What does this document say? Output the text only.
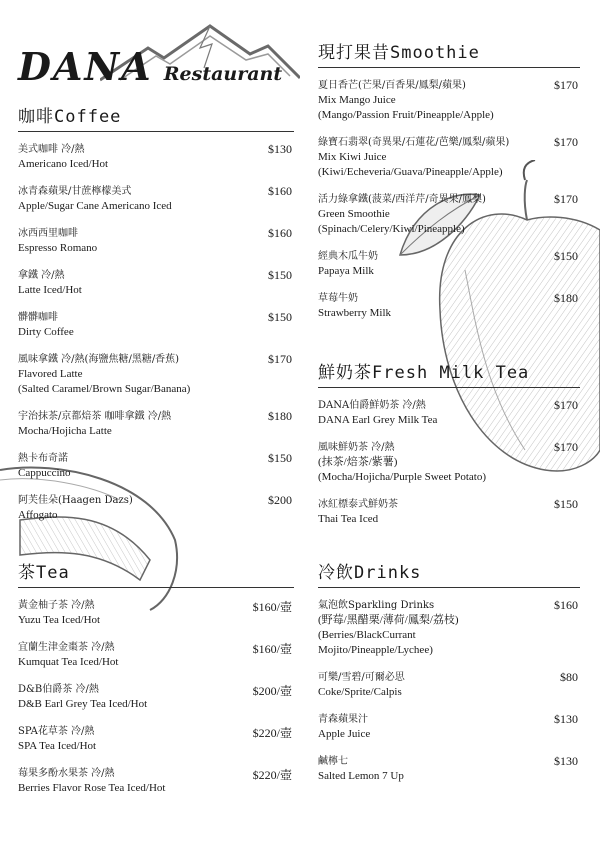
DANA Restaurant
咖啡Coffee
美式咖啡 冷/熱
Americano Iced/Hot
$130
冰青森蘋果/甘蔗檸檬美式
Apple/Sugar Cane Americano Iced
$160
冰西西里咖啡
Espresso Romano
$160
拿鐵 冷/熱
Latte Iced/Hot
$150
髒髒咖啡
Dirty Coffee
$150
風味拿鐵 冷/熱(海鹽焦糖/黑糖/香蕉)
Flavored Latte
(Salted Caramel/Brown Sugar/Banana)
$170
宇治抹茶/京都焙茶 咖啡拿鐵 冷/熱
Mocha/Hojicha Latte
$180
熱卡布奇諾
Cappuccino
$150
阿芙佳朵(Haagen Dazs)
Affogato
$200
茶Tea
黃金柚子茶 冷/熱
Yuzu Tea Iced/Hot
$160/壺
宜蘭生津金棗茶 冷/熱
Kumquat Tea Iced/Hot
$160/壺
D&B伯爵茶 冷/熱
D&B Earl Grey Tea Iced/Hot
$200/壺
SPA花草茶 冷/熱
SPA Tea Iced/Hot
$220/壺
莓果多酚水果茶 冷/熱
Berries Flavor Rose Tea Iced/Hot
$220/壺
現打果昔Smoothie
夏日香芒(芒果/百香果/鳳梨/蘋果)
Mix Mango Juice
(Mango/Passion Fruit/Pineapple/Apple)
$170
綠寶石翡翠(奇異果/石蓮花/芭樂/鳳梨/蘋果)
Mix Kiwi Juice
(Kiwi/Echeveria/Guava/Pineapple/Apple)
$170
活力綠拿鐵(菠菜/西洋芹/奇異果/鳳梨)
Green Smoothie
(Spinach/Celery/Kiwi/Pineapple)
$170
經典木瓜牛奶
Papaya Milk
$150
草莓牛奶
Strawberry Milk
$180
鮮奶茶Fresh Milk Tea
DANA伯爵鮮奶茶 冷/熱
DANA Earl Grey Milk Tea
$170
風味鮮奶茶 冷/熱
(抹茶/焙茶/紫薯)
(Mocha/Hojicha/Purple Sweet Potato)
$170
冰紅標泰式鮮奶茶
Thai Tea Iced
$150
冷飲Drinks
氣泡飲Sparkling Drinks
(野莓/黑醋栗/薄荷/鳳梨/荔枝)
(Berries/BlackCurrant
Mojito/Pineapple/Lychee)
$160
可樂/雪碧/可爾必思
Coke/Sprite/Calpis
$80
青森蘋果汁
Apple Juice
$130
鹹檸七
Salted Lemon 7 Up
$130
